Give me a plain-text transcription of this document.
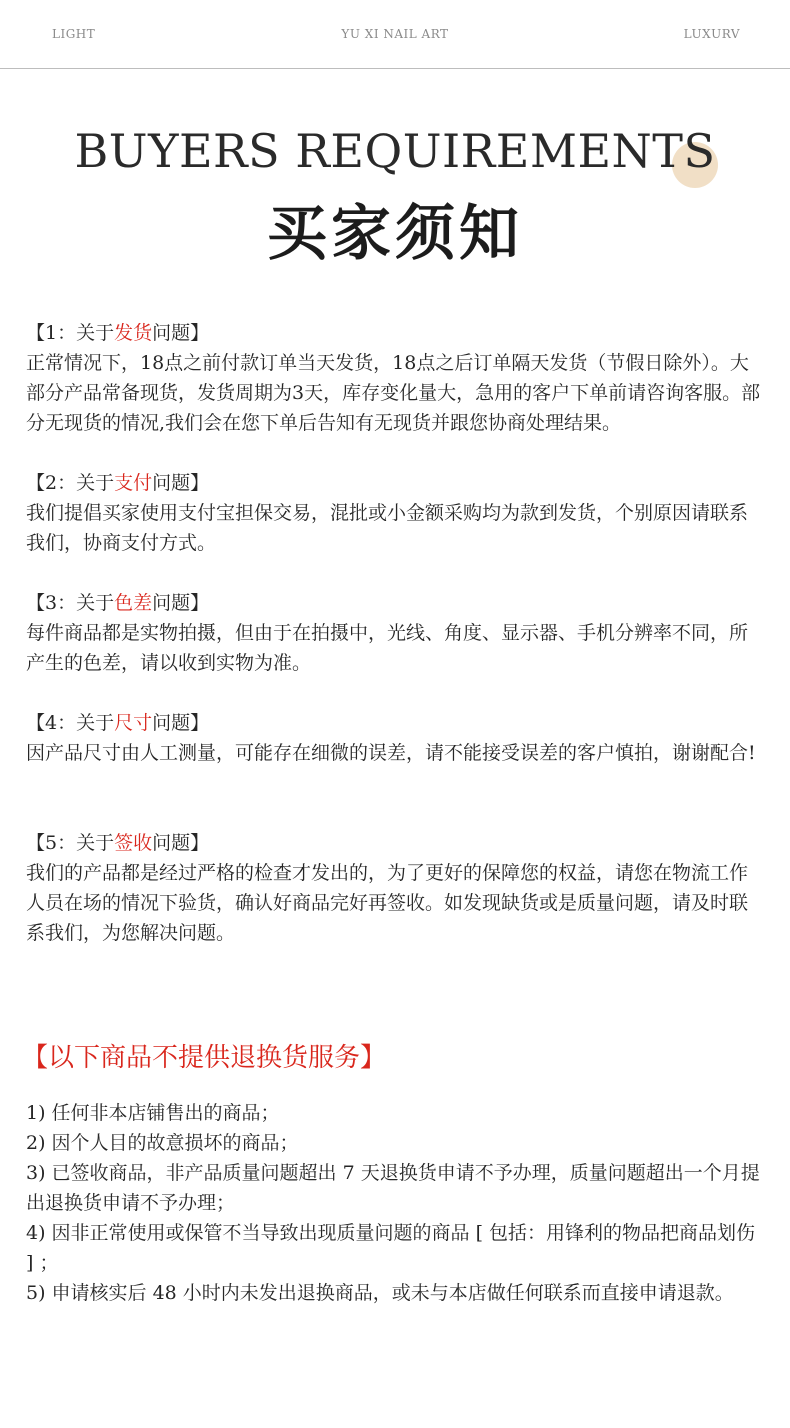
LIGHT	YU XI NAIL ART	LUXURV
BUYERS REQUIREMENTS
买家须知
【1：关于发货问题】
正常情况下，18点之前付款订单当天发货，18点之后订单隔天发货（节假日除外）。大部分产品常备现货，发货周期为3天，库存变化量大，急用的客户下单前请咨询客服。部分无现货的情况,我们会在您下单后告知有无现货并跟您协商处理结果。
【2：关于支付问题】
我们提倡买家使用支付宝担保交易，混批或小金额采购均为款到发货，个别原因请联系我们，协商支付方式。
【3：关于色差问题】
每件商品都是实物拍摄，但由于在拍摄中，光线、角度、显示器、手机分辨率不同，所产生的色差，请以收到实物为准。
【4：关于尺寸问题】
因产品尺寸由人工测量，可能存在细微的误差，请不能接受误差的客户慎拍，谢谢配合!
【5：关于签收问题】
我们的产品都是经过严格的检查才发出的，为了更好的保障您的权益，请您在物流工作人员在场的情况下验货，确认好商品完好再签收。如发现缺货或是质量问题，请及时联系我们，为您解决问题。
【以下商品不提供退换货服务】
1) 任何非本店铺售出的商品；
2) 因个人目的故意损坏的商品；
3) 已签收商品，非产品质量问题超出 7 天退换货申请不予办理，质量问题超出一个月提出退换货申请不予办理；
4) 因非正常使用或保管不当导致出现质量问题的商品 [ 包括：用锋利的物品把商品划伤 ] ；
5) 申请核实后 48 小时内未发出退换商品，或未与本店做任何联系而直接申请退款。
